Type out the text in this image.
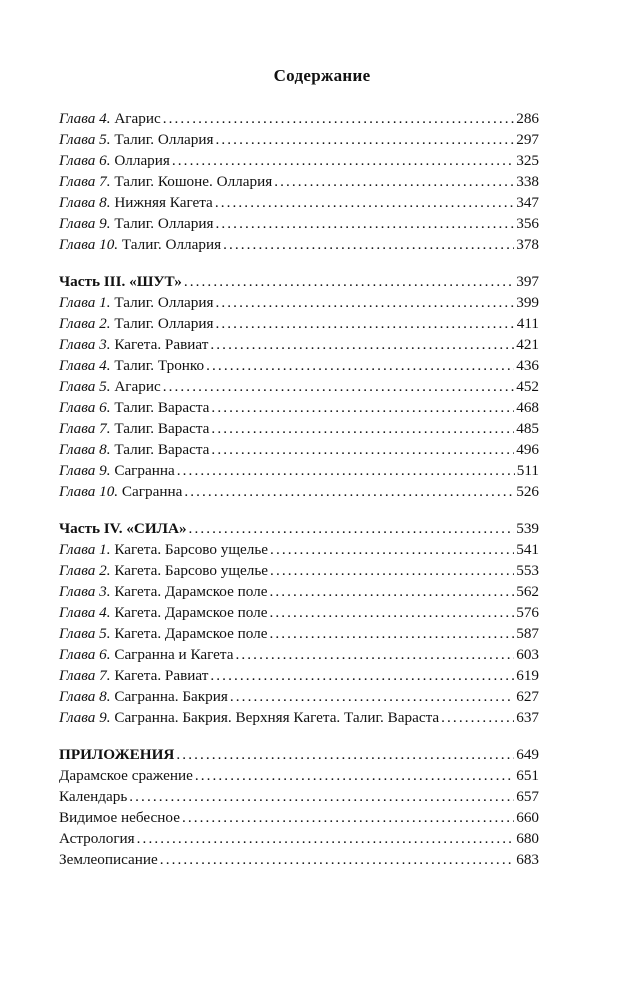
Содержание
Глава 4. Агарис .....	286
Глава 5. Талиг. Оллария .....	297
Глава 6. Оллария .....	325
Глава 7. Талиг. Кошоне. Оллария .....	338
Глава 8. Нижняя Кагета .....	347
Глава 9. Талиг. Оллария .....	356
Глава 10. Талиг. Оллария .....	378
Часть III. «ШУТ» .....	397
Глава 1. Талиг. Оллария .....	399
Глава 2. Талиг. Оллария .....	411
Глава 3. Кагета. Равиат .....	421
Глава 4. Талиг. Тронко .....	436
Глава 5. Агарис .....	452
Глава 6. Талиг. Вараста .....	468
Глава 7. Талиг. Вараста .....	485
Глава 8. Талиг. Вараста .....	496
Глава 9. Сагранна .....	511
Глава 10. Сагранна .....	526
Часть IV. «СИЛА» .....	539
Глава 1. Кагета. Барсово ущелье .....	541
Глава 2. Кагета. Барсово ущелье .....	553
Глава 3. Кагета. Дарамское поле .....	562
Глава 4. Кагета. Дарамское поле .....	576
Глава 5. Кагета. Дарамское поле .....	587
Глава 6. Сагранна и Кагета .....	603
Глава 7. Кагета. Равиат .....	619
Глава 8. Сагранна. Бакрия .....	627
Глава 9. Сагранна. Бакрия. Верхняя Кагета. Талиг. Вараста .....	637
ПРИЛОЖЕНИЯ .....	649
Дарамское сражение .....	651
Календарь .....	657
Видимое небесное .....	660
Астрология .....	680
Землеописание .....	683
